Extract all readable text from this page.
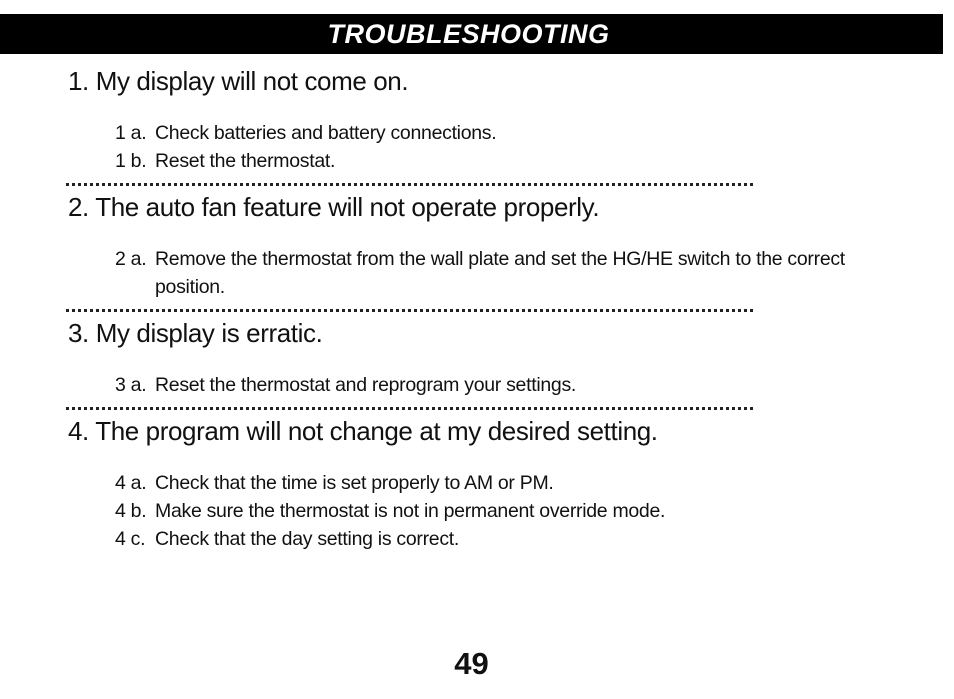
TROUBLESHOOTING
1. My display will not come on.
1 a. Check batteries and battery connections.
1 b. Reset the thermostat.
2. The auto fan feature will not operate properly.
2 a. Remove the thermostat from the wall plate and set the HG/HE switch to the correct position.
3. My display is erratic.
3 a. Reset the thermostat and reprogram your settings.
4. The program will not change at my desired setting.
4 a. Check that the time is set properly to AM or PM.
4 b. Make sure the thermostat is not in permanent override mode.
4 c. Check that the day setting is correct.
49
